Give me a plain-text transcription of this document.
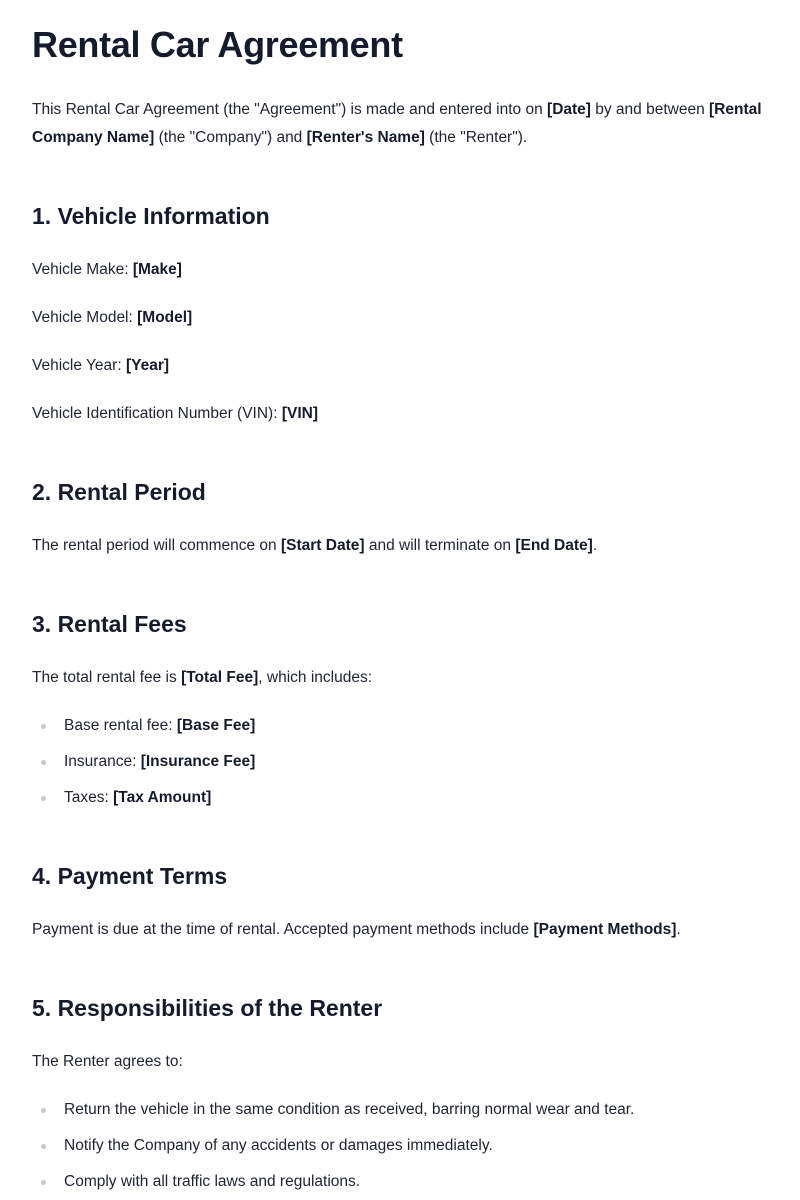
Rental Car Agreement

This Rental Car Agreement (the "Agreement") is made and entered into on [Date] by and between [Rental Company Name] (the "Company") and [Renter's Name] (the "Renter").

1. Vehicle Information

Vehicle Make: [Make]

Vehicle Model: [Model]

Vehicle Year: [Year]

Vehicle Identification Number (VIN): [VIN]

2. Rental Period

The rental period will commence on [Start Date] and will terminate on [End Date].

3. Rental Fees

The total rental fee is [Total Fee], which includes:

Base rental fee: [Base Fee]
Insurance: [Insurance Fee]
Taxes: [Tax Amount]
4. Payment Terms

Payment is due at the time of rental. Accepted payment methods include [Payment Methods].

5. Responsibilities of the Renter

The Renter agrees to:

Return the vehicle in the same condition as received, barring normal wear and tear.
Notify the Company of any accidents or damages immediately.
Comply with all traffic laws and regulations.
